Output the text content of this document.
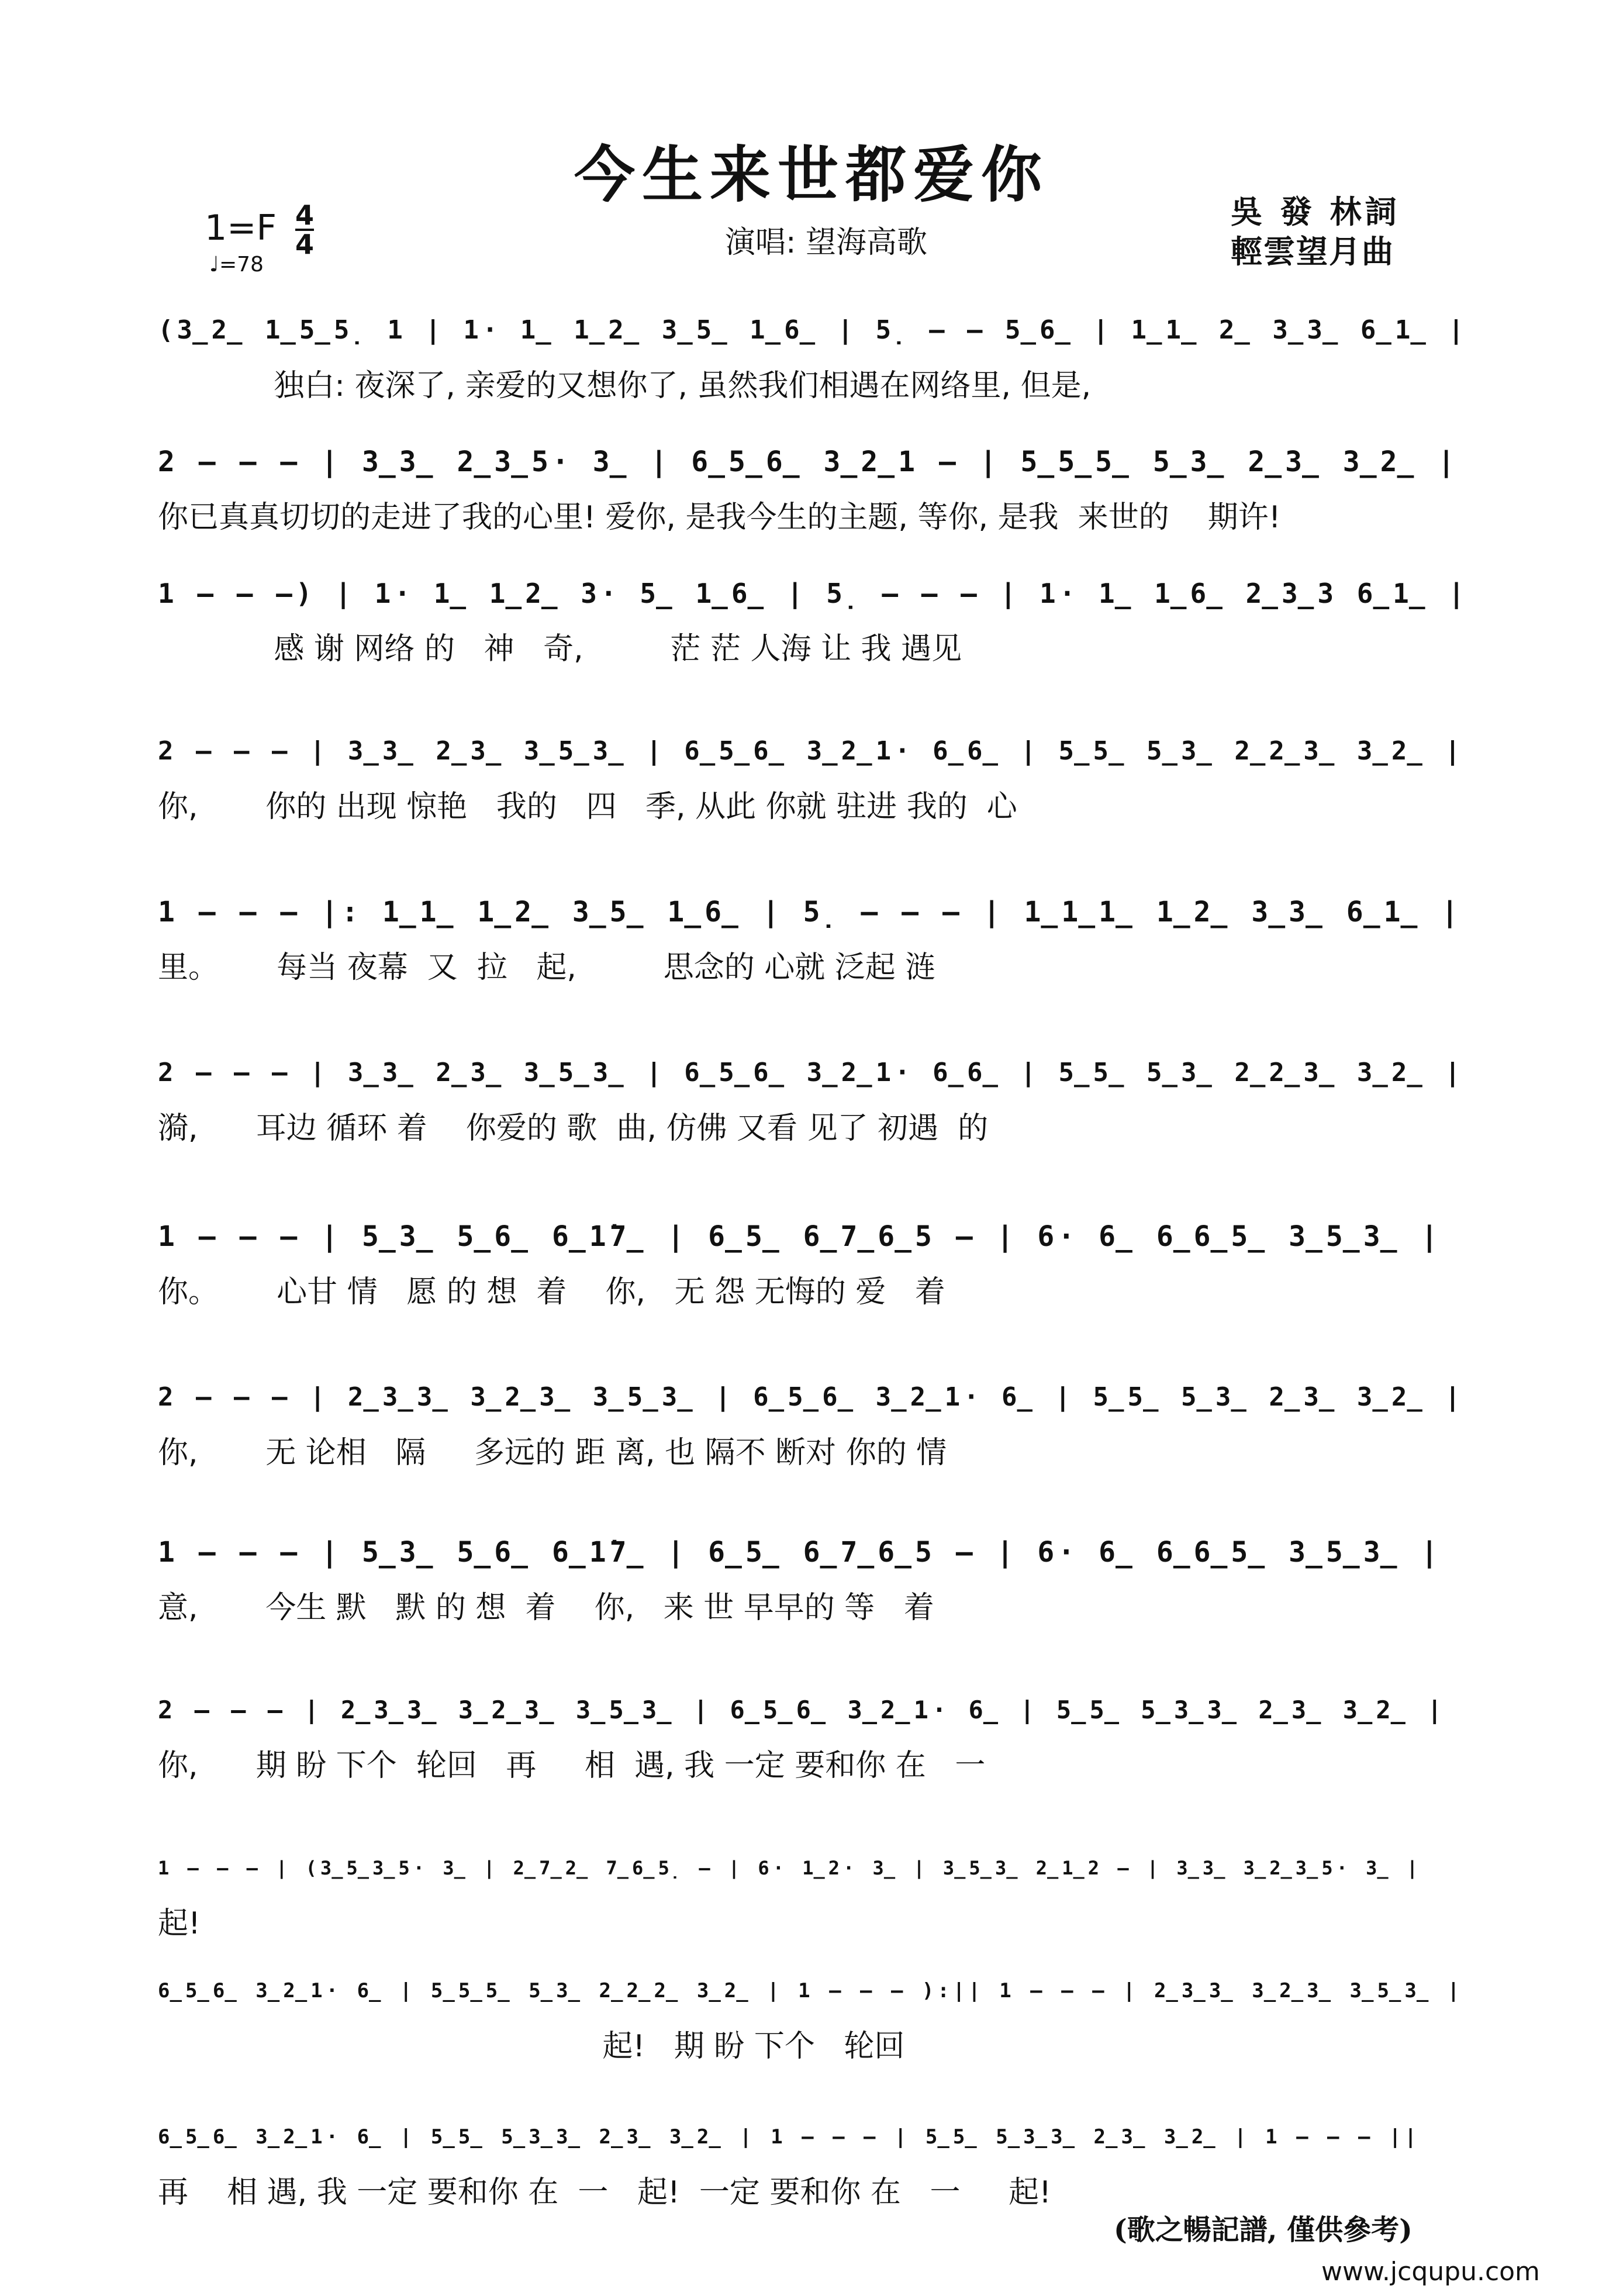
今生来世都爱你
$1=F \frac{4}{4}$
♩=78
演唱: 望海高歌
吳 發 林詞
輕雲望月曲
(3̲2̲ 1̲5̲5̣ 1 | 1· 1̲ 1̲2̲ 3̲5̲ 1̲6̲ | 5̣ – – 5̲6̲ | 1̲1̲ 2̲ 3̲3̲ 6̲1̲ |
独白: 夜深了, 亲爱的又想你了, 虽然我们相遇在网络里, 但是,
2 – – – | 3̲3̲ 2̲3̲5· 3̲ | 6̲5̲6̲ 3̲2̲1 – | 5̲5̲5̲ 5̲3̲ 2̲3̲ 3̲2̲ |
你已真真切切的走进了我的心里! 爱你, 是我今生的主题, 等你, 是我  来世的    期许!
1 – – –) | 1· 1̲ 1̲2̲ 3· 5̲ 1̲6̲ | 5̣ – – – | 1· 1̲ 1̲6̲ 2̲3̲3 6̲1̲ |
感 谢 网络 的   神   奇,         茫 茫 人海 让 我 遇见
2 – – – | 3̲3̲ 2̲3̲ 3̲5̲3̲ | 6̲5̲6̲ 3̲2̲1· 6̲6̲ | 5̲5̲ 5̲3̲ 2̲2̲3̲ 3̲2̲ |
你,       你的 出现 惊艳   我的   四   季, 从此 你就 驻进 我的  心
1 – – – |: 1̲1̲ 1̲2̲ 3̲5̲ 1̲6̲ | 5̣ – – – | 1̲1̲1̲ 1̲2̲ 3̲3̲ 6̲1̲ |
里。      每当 夜幕  又  拉   起,         思念的 心就 泛起 涟
2 – – – | 3̲3̲ 2̲3̲ 3̲5̲3̲ | 6̲5̲6̲ 3̲2̲1· 6̲6̲ | 5̲5̲ 5̲3̲ 2̲2̲3̲ 3̲2̲ |
漪,      耳边 循环 着    你爱的 歌  曲, 仿佛 又看 见了 初遇  的
1 – – – | 5̲3̲ 5̲6̲ 6̲1̇7̲ | 6̲5̲ 6̲7̲6̲5 – | 6· 6̲ 6̲6̲5̲ 3̲5̲3̲ |
你。      心甘 情   愿 的 想  着    你,   无 怨 无悔的 爱   着
2 – – – | 2̲3̲3̲ 3̲2̲3̲ 3̲5̲3̲ | 6̲5̲6̲ 3̲2̲1· 6̲ | 5̲5̲ 5̲3̲ 2̲3̲ 3̲2̲ |
你,       无 论相   隔     多远的 距 离, 也 隔不 断对 你的 情
1 – – – | 5̲3̲ 5̲6̲ 6̲1̇7̲ | 6̲5̲ 6̲7̲6̲5 – | 6· 6̲ 6̲6̲5̲ 3̲5̲3̲ |
意,       今生 默   默 的 想  着    你,   来 世 早早的 等   着
2 – – – | 2̲3̲3̲ 3̲2̲3̲ 3̲5̲3̲ | 6̲5̲6̲ 3̲2̲1· 6̲ | 5̲5̲ 5̲3̲3̲ 2̲3̲ 3̲2̲ |
你,      期 盼 下个  轮回   再     相  遇, 我 一定 要和你 在   一
1 – – – | (3̲5̲3̲5· 3̲ | 2̲7̲2̲ 7̲6̲5̣ – | 6· 1̲2· 3̲ | 3̲5̲3̲ 2̲1̲2 – | 3̲3̲ 3̲2̲3̲5· 3̲ |
起!
6̲5̲6̲ 3̲2̲1· 6̲ | 5̲5̲5̲ 5̲3̲ 2̲2̲2̲ 3̲2̲ | 1 – – – ):|| 1 – – – | 2̲3̲3̲ 3̲2̲3̲ 3̲5̲3̲ |
起!   期 盼 下个   轮回
6̲5̲6̲ 3̲2̲1· 6̲ | 5̲5̲ 5̲3̲3̲ 2̲3̲ 3̲2̲ | 1 – – – | 5̲5̲ 5̲3̲3̲ 2̲3̲ 3̲2̲ | 1 – – – ||
再    相 遇, 我 一定 要和你 在  一   起!  一定 要和你 在   一     起!
(歌之暢記譜, 僅供參考)
www.jcqupu.com
